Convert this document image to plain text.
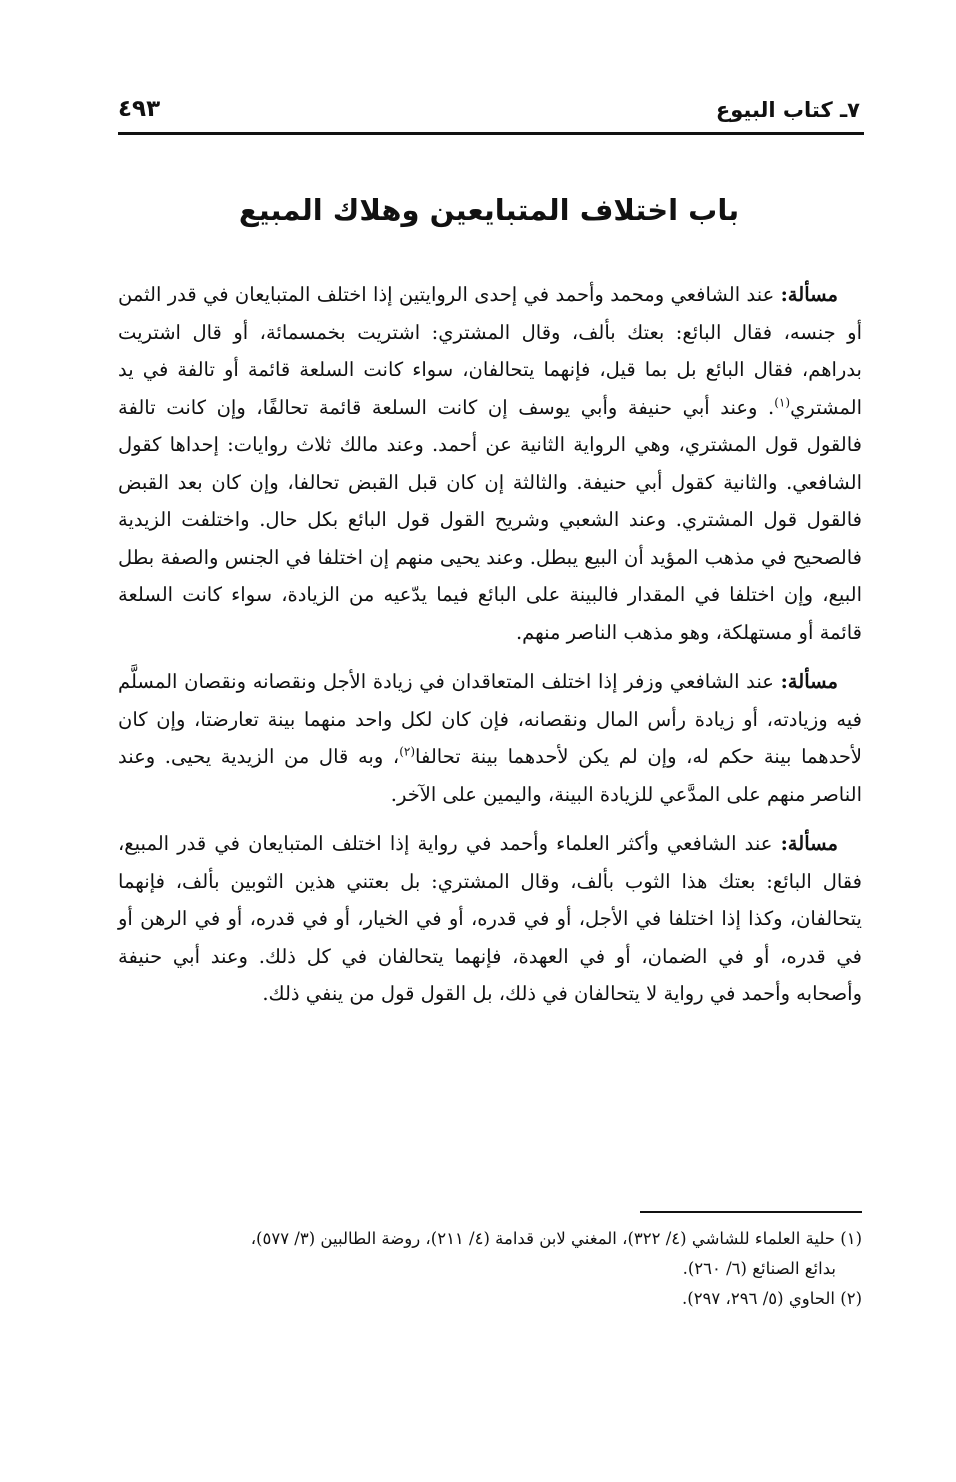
٧ـ كتاب البيوع
٤٩٣
باب اختلاف المتبايعين وهلاك المبيع

مسألة: عند الشافعي ومحمد وأحمد في إحدى الروايتين إذا اختلف المتبايعان في قدر الثمن أو جنسه، فقال البائع: بعتك بألف، وقال المشتري: اشتريت بخمسمائة، أو قال اشتريت بدراهم، فقال البائع بل بما قيل، فإنهما يتحالفان، سواء كانت السلعة قائمة أو تالفة في يد المشتري$^{(١)}$. وعند أبي حنيفة وأبي يوسف إن كانت السلعة قائمة تحالفًا، وإن كانت تالفة فالقول قول المشتري، وهي الرواية الثانية عن أحمد. وعند مالك ثلاث روايات: إحداها كقول الشافعي. والثانية كقول أبي حنيفة. والثالثة إن كان قبل القبض تحالفا، وإن كان بعد القبض فالقول قول المشتري. وعند الشعبي وشريح القول قول البائع بكل حال. واختلفت الزيدية فالصحيح في مذهب المؤيد أن البيع يبطل. وعند يحيى منهم إن اختلفا في الجنس والصفة بطل البيع، وإن اختلفا في المقدار فالبينة على البائع فيما يدّعيه من الزيادة، سواء كانت السلعة قائمة أو مستهلكة، وهو مذهب الناصر منهم.

مسألة: عند الشافعي وزفر إذا اختلف المتعاقدان في زيادة الأجل ونقصانه ونقصان المسلَّم فيه وزيادته، أو زيادة رأس المال ونقصانه، فإن كان لكل واحد منهما بينة تعارضتا، وإن كان لأحدهما بينة حكم له، وإن لم يكن لأحدهما بينة تحالفا$^{(٢)}$، وبه قال من الزيدية يحيى. وعند الناصر منهم على المدَّعي للزيادة البينة، واليمين على الآخر.

مسألة: عند الشافعي وأكثر العلماء وأحمد في رواية إذا اختلف المتبايعان في قدر المبيع، فقال البائع: بعتك هذا الثوب بألف، وقال المشتري: بل بعتني هذين الثوبين بألف، فإنهما يتحالفان، وكذا إذا اختلفا في الأجل، أو في قدره، أو في الخيار، أو في قدره، أو في الرهن أو في قدره، أو في الضمان، أو في العهدة، فإنهما يتحالفان في كل ذلك. وعند أبي حنيفة وأصحابه وأحمد في رواية لا يتحالفان في ذلك، بل القول قول من ينفي ذلك.

(١) حلية العلماء للشاشي (٤/ ٣٢٢)، المغني لابن قدامة (٤/ ٢١١)، روضة الطالبين (٣/ ٥٧٧)،

بدائع الصنائع (٦/ ٢٦٠).

(٢) الحاوي (٥/ ٢٩٦، ٢٩٧).
